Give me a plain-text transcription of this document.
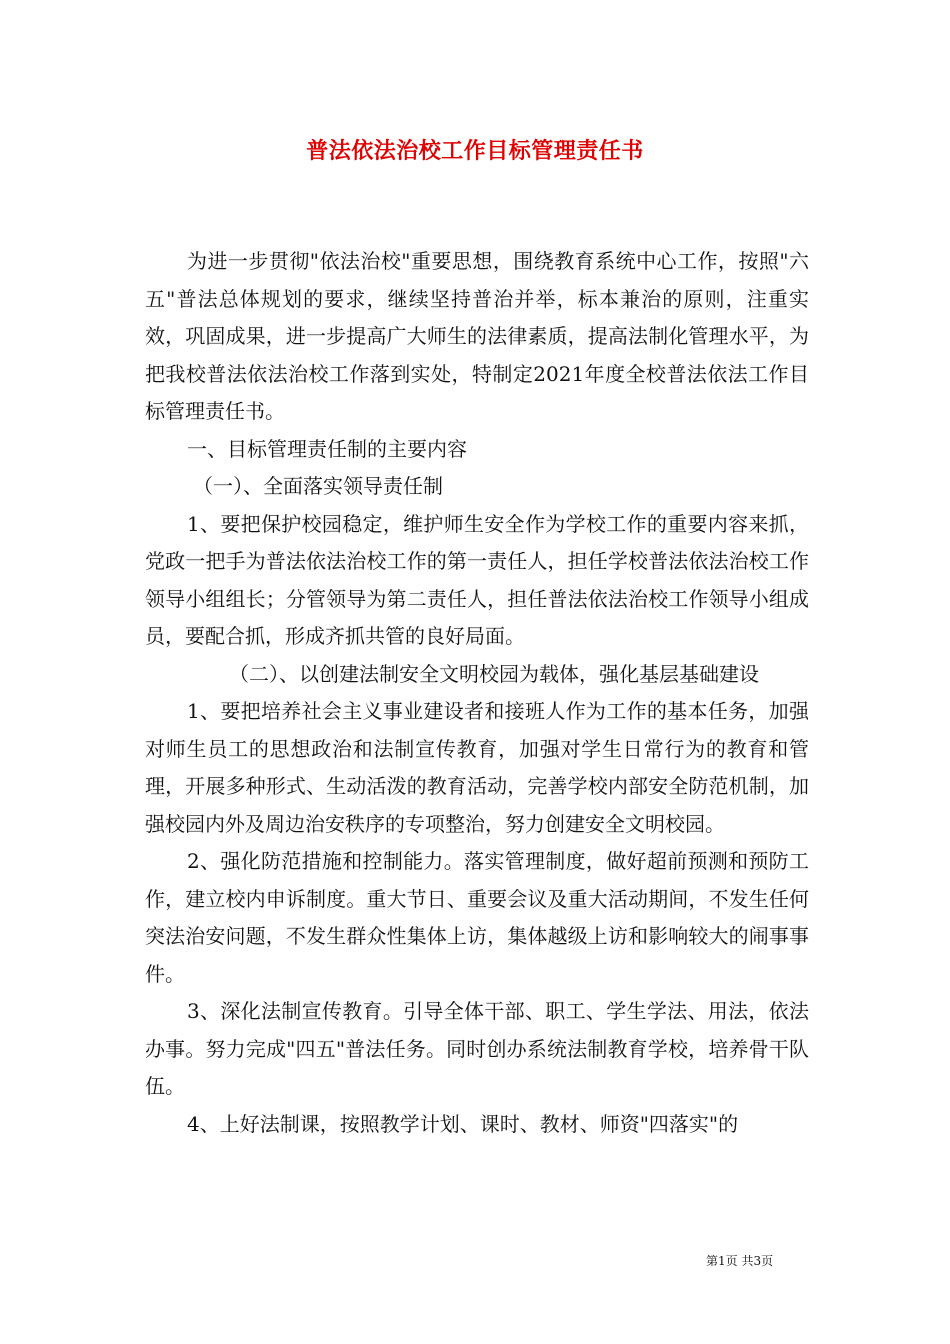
普法依法治校工作目标管理责任书

为进一步贯彻"依法治校"重要思想，围绕教育系统中心工作，按照"六五"普法总体规划的要求，继续坚持普治并举，标本兼治的原则，注重实效，巩固成果，进一步提高广大师生的法律素质，提高法制化管理水平，为把我校普法依法治校工作落到实处，特制定2021年度全校普法依法工作目标管理责任书。

一、目标管理责任制的主要内容

（一）、全面落实领导责任制

1、要把保护校园稳定，维护师生安全作为学校工作的重要内容来抓，党政一把手为普法依法治校工作的第一责任人，担任学校普法依法治校工作领导小组组长；分管领导为第二责任人，担任普法依法治校工作领导小组成员，要配合抓，形成齐抓共管的良好局面。

（二）、以创建法制安全文明校园为载体，强化基层基础建设

1、要把培养社会主义事业建设者和接班人作为工作的基本任务，加强对师生员工的思想政治和法制宣传教育，加强对学生日常行为的教育和管理，开展多种形式、生动活泼的教育活动，完善学校内部安全防范机制，加强校园内外及周边治安秩序的专项整治，努力创建安全文明校园。

2、强化防范措施和控制能力。落实管理制度，做好超前预测和预防工作，建立校内申诉制度。重大节日、重要会议及重大活动期间，不发生任何突法治安问题，不发生群众性集体上访，集体越级上访和影响较大的闹事事件。

3、深化法制宣传教育。引导全体干部、职工、学生学法、用法，依法办事。努力完成"四五"普法任务。同时创办系统法制教育学校，培养骨干队伍。

4、上好法制课，按照教学计划、课时、教材、师资"四落实"的

第1页 共3页
